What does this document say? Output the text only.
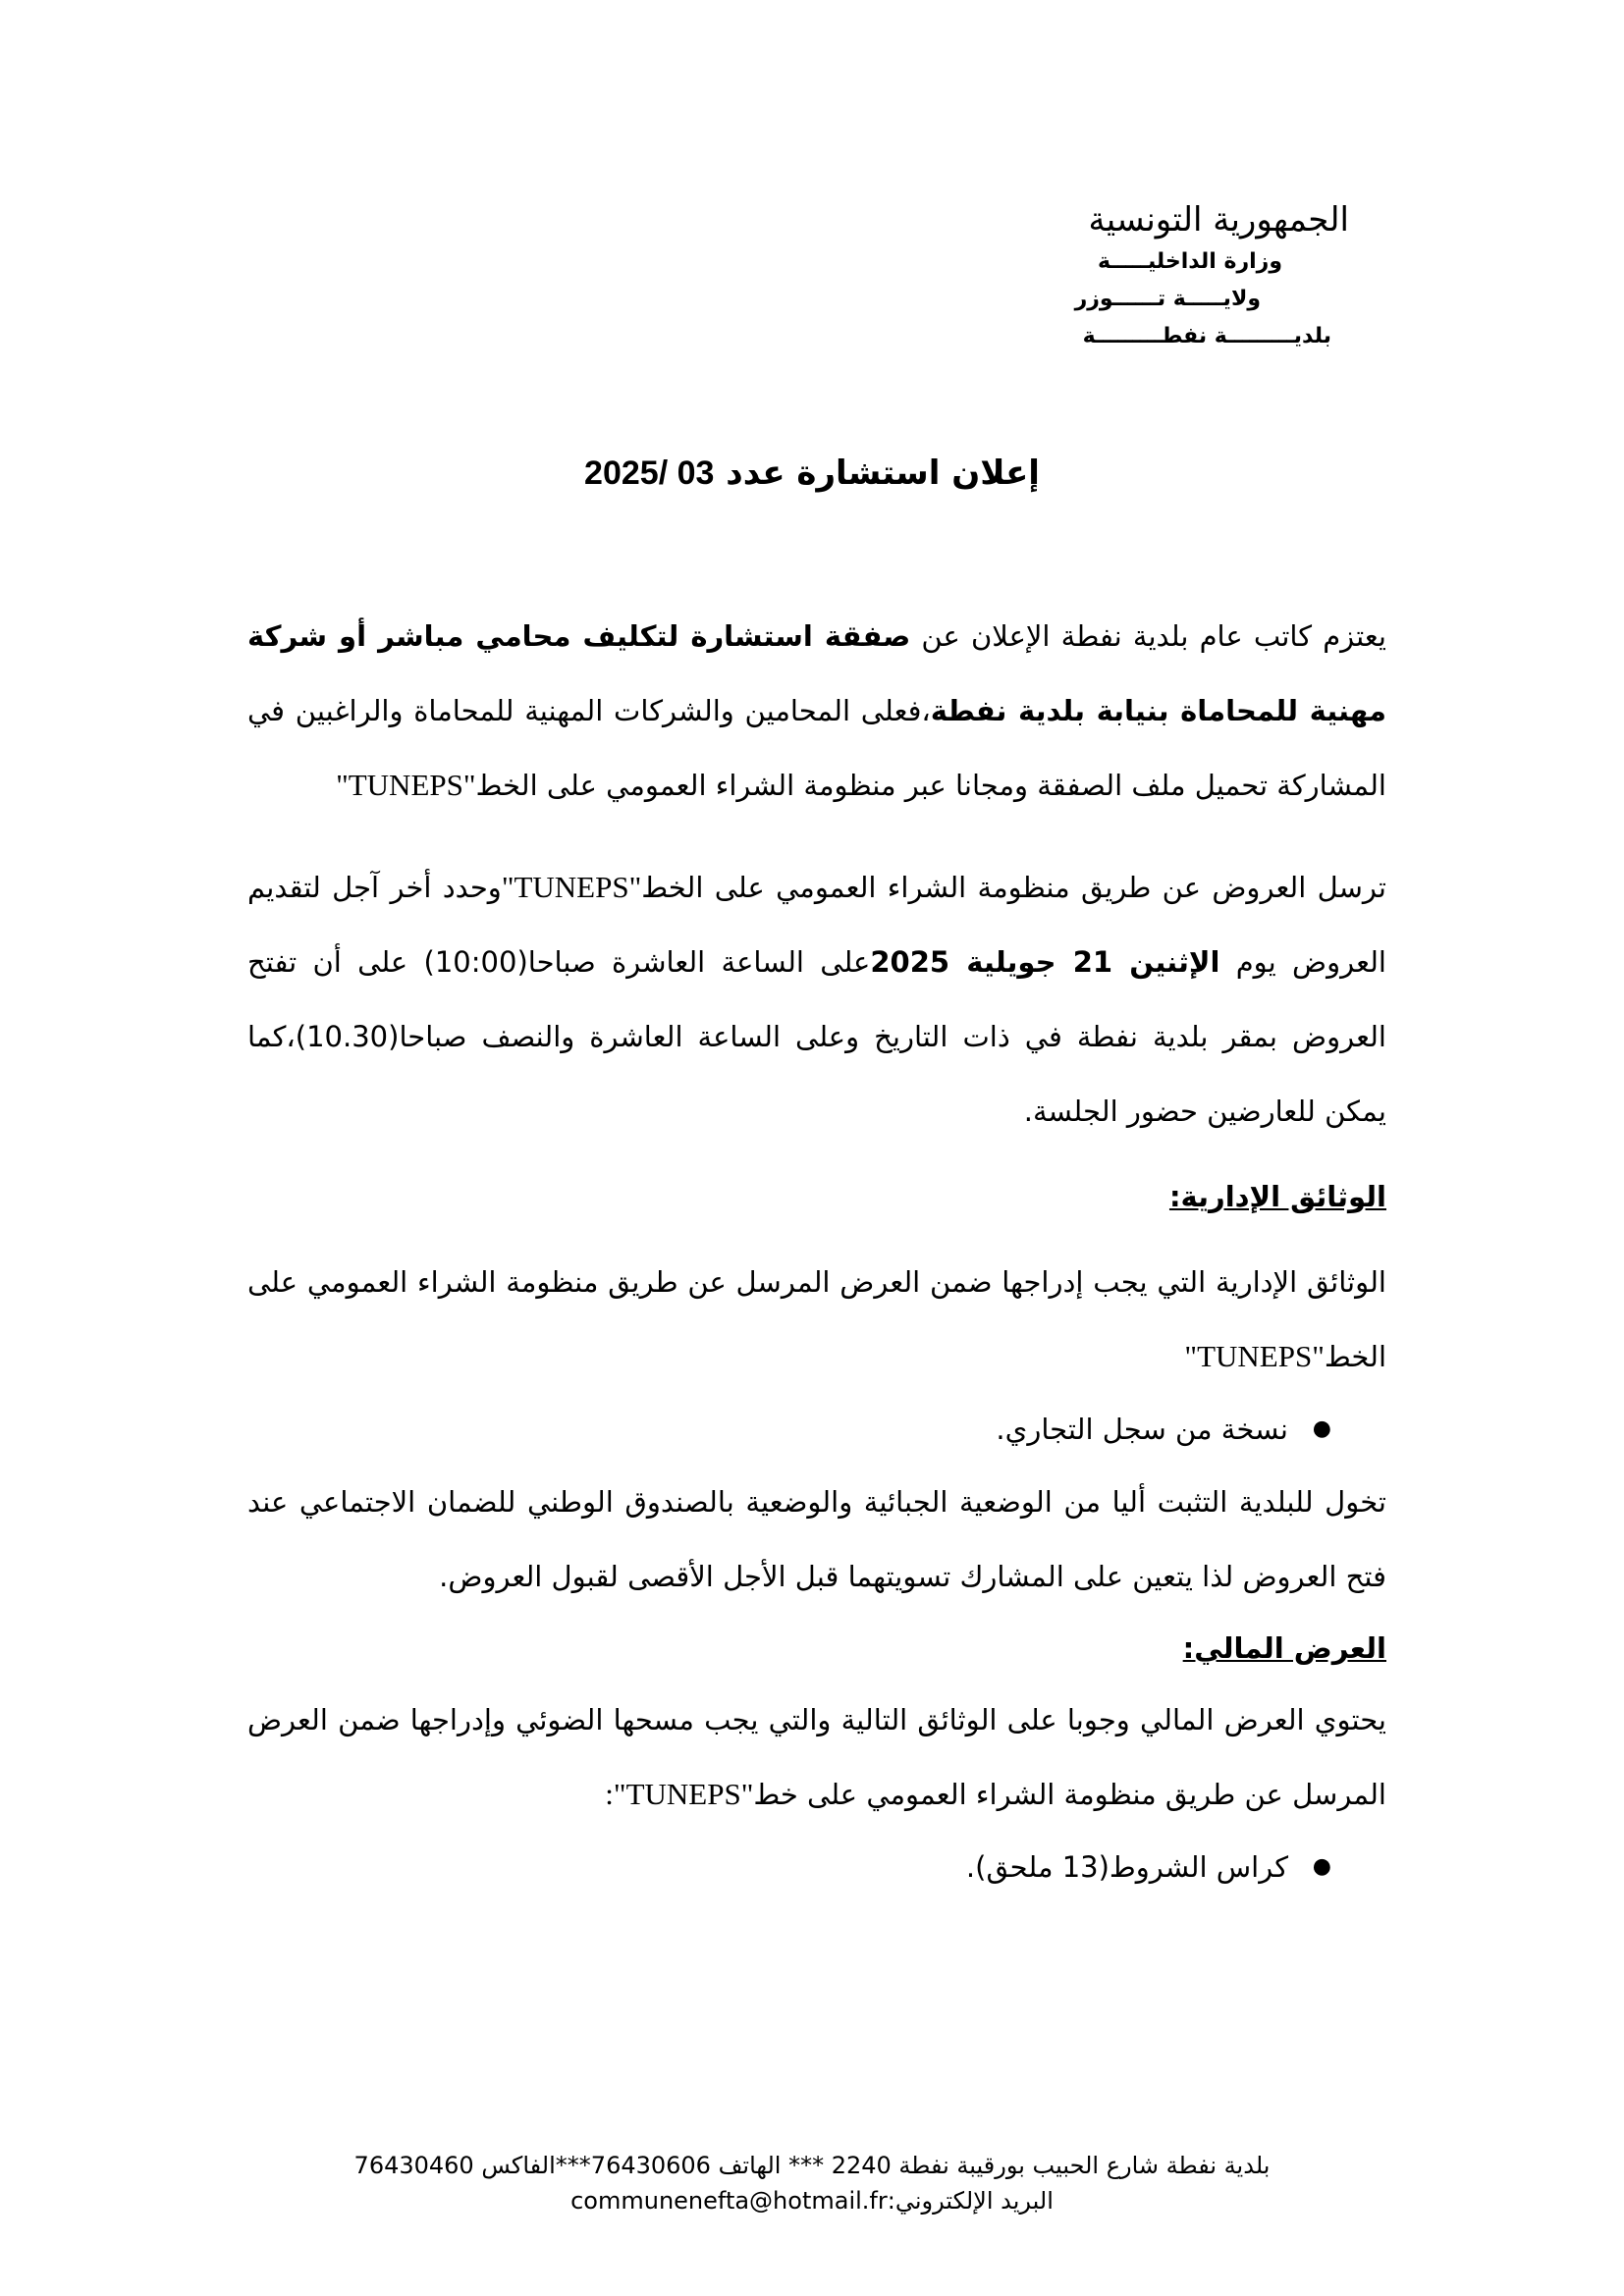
الجمهورية التونسية
وزارة الداخليـــــة
ولايـــــة تــــــوزر
بلديـــــــــة نفطـــــــــة
إعلان استشارة عدد 03 /2025

يعتزم كاتب عام بلدية نفطة الإعلان عن صفقة استشارة لتكليف محامي مباشر أو شركة مهنية للمحاماة بنيابة بلدية نفطة،فعلى المحامين والشركات المهنية للمحاماة والراغبين في المشاركة تحميل ملف الصفقة ومجانا عبر منظومة الشراء العمومي على الخط"TUNEPS"

ترسل العروض عن طريق منظومة الشراء العمومي على الخط"TUNEPS"وحدد أخر آجل لتقديم العروض يوم الإثنين 21 جويلية 2025على الساعة العاشرة صباحا(10:00) على أن تفتح العروض بمقر بلدية نفطة في ذات التاريخ وعلى الساعة العاشرة والنصف صباحا(10.30)،كما يمكن للعارضين حضور الجلسة.

الوثائق الإدارية:

الوثائق الإدارية التي يجب إدراجها ضمن العرض المرسل عن طريق منظومة الشراء العمومي على الخط"TUNEPS"

●
نسخة من سجل التجاري.

تخول للبلدية التثبت أليا من الوضعية الجبائية والوضعية بالصندوق الوطني للضمان الاجتماعي عند فتح العروض لذا يتعين على المشارك تسويتهما قبل الأجل الأقصى لقبول العروض.

العرض المالي:

يحتوي العرض المالي وجوبا على الوثائق التالية والتي يجب مسحها الضوئي وإدراجها ضمن العرض المرسل عن طريق منظومة الشراء العمومي على خط"TUNEPS":

●
كراس الشروط(13 ملحق).

بلدية نفطة شارع الحبيب بورقيبة نفطة 2240 *** الهاتف 76430606***الفاكس 76430460
البريد الإلكتروني:communenefta@hotmail.fr
